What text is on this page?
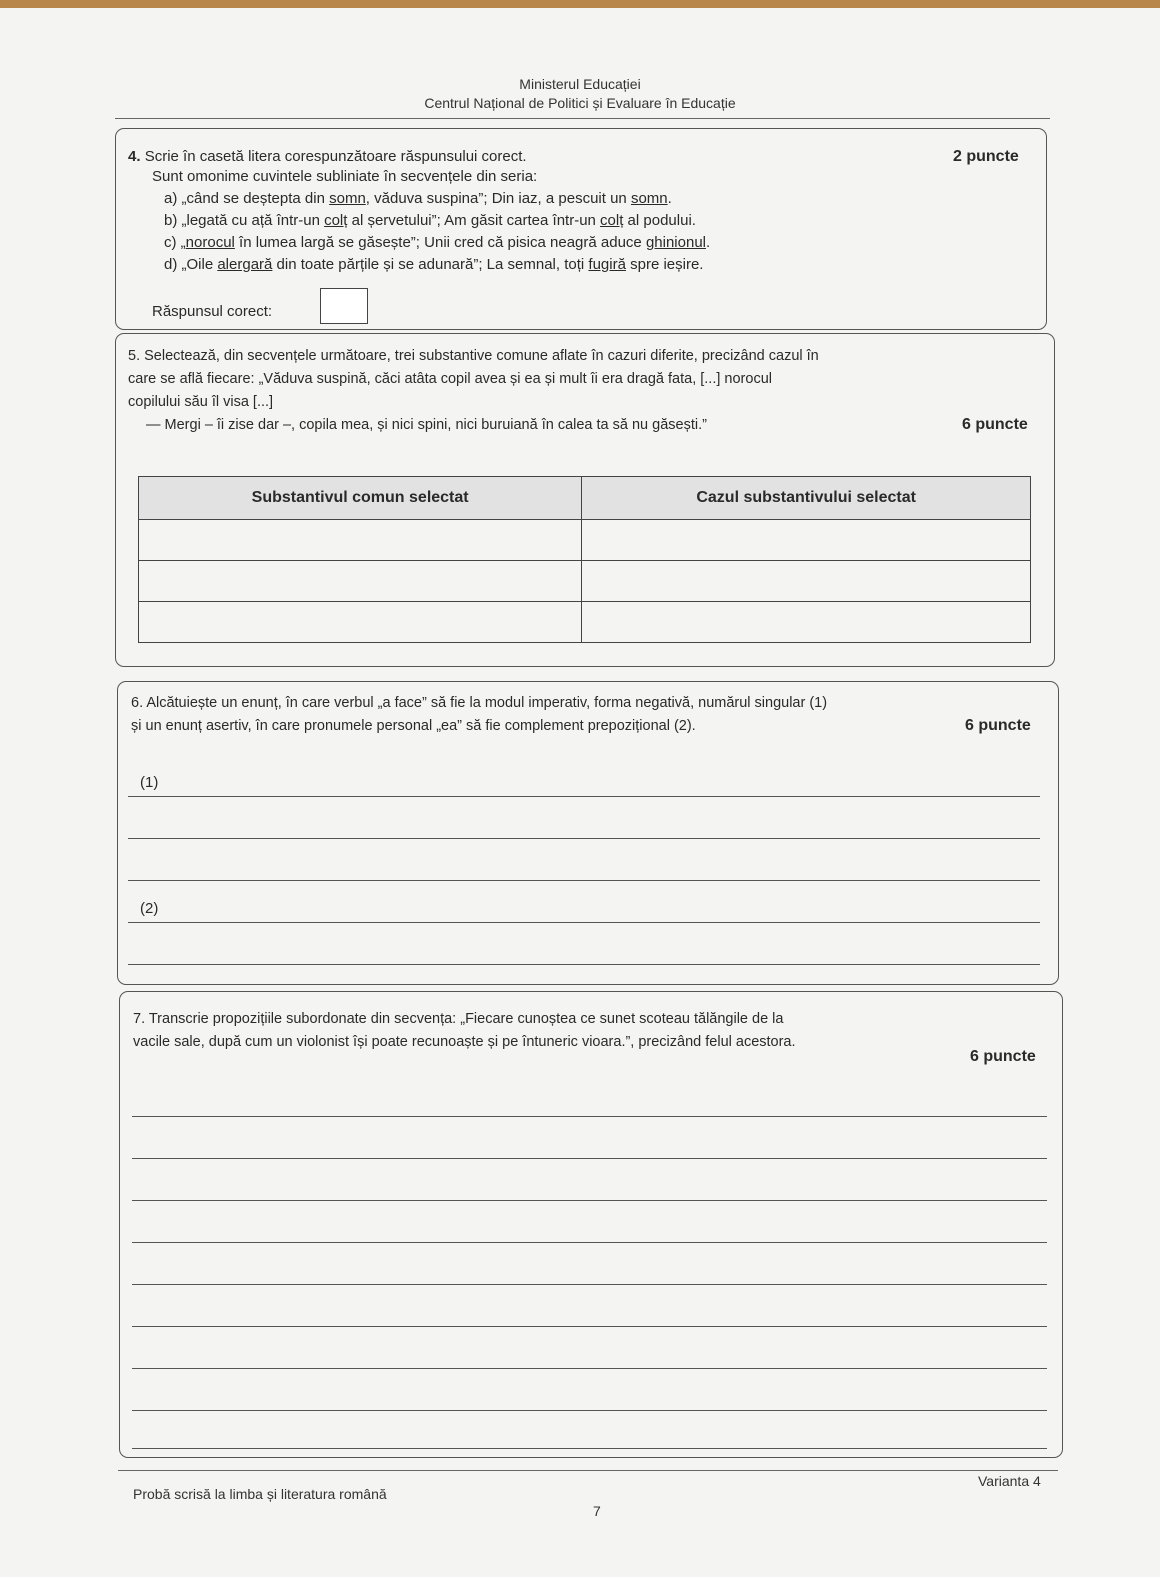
Ministerul Educației
Centrul Național de Politici și Evaluare în Educație
4. Scrie în casetă litera corespunzătoare răspunsului corect.	2 puncte
Sunt omonime cuvintele subliniate în secvențele din seria:
a) „când se deștepta din somn, văduva suspina”; Din iaz, a pescuit un somn.
b) „legată cu ață într-un colț al șervetului”; Am găsit cartea într-un colț al podului.
c) „norocul în lumea largă se găsește”; Unii cred că pisica neagră aduce ghinionul.
d) „Oile alergară din toate părțile și se adunară”; La semnal, toți fugiră spre ieșire.
Răspunsul corect:
5. Selectează, din secvențele următoare, trei substantive comune aflate în cazuri diferite, precizând cazul în
care se află fiecare: „Văduva suspină, căci atâta copil avea și ea și mult îi era dragă fata, [...] norocul
copilului său îl visa [...]
— Mergi – îi zise dar –, copila mea, și nici spini, nici buruiană în calea ta să nu găsești.”	6 puncte
Substantivul comun selectat	Cazul substantivului selectat

6. Alcătuiește un enunț, în care verbul „a face” să fie la modul imperativ, forma negativă, numărul singular (1)
și un enunț asertiv, în care pronumele personal „ea” să fie complement prepozițional (2).	6 puncte
(1)
(2)
7. Transcrie propozițiile subordonate din secvența: „Fiecare cunoștea ce sunet scoteau tălăngile de la
vacile sale, după cum un violonist își poate recunoaște și pe întuneric vioara.”, precizând felul acestora.
6 puncte
Probă scrisă la limba și literatura română
Varianta 4
7
